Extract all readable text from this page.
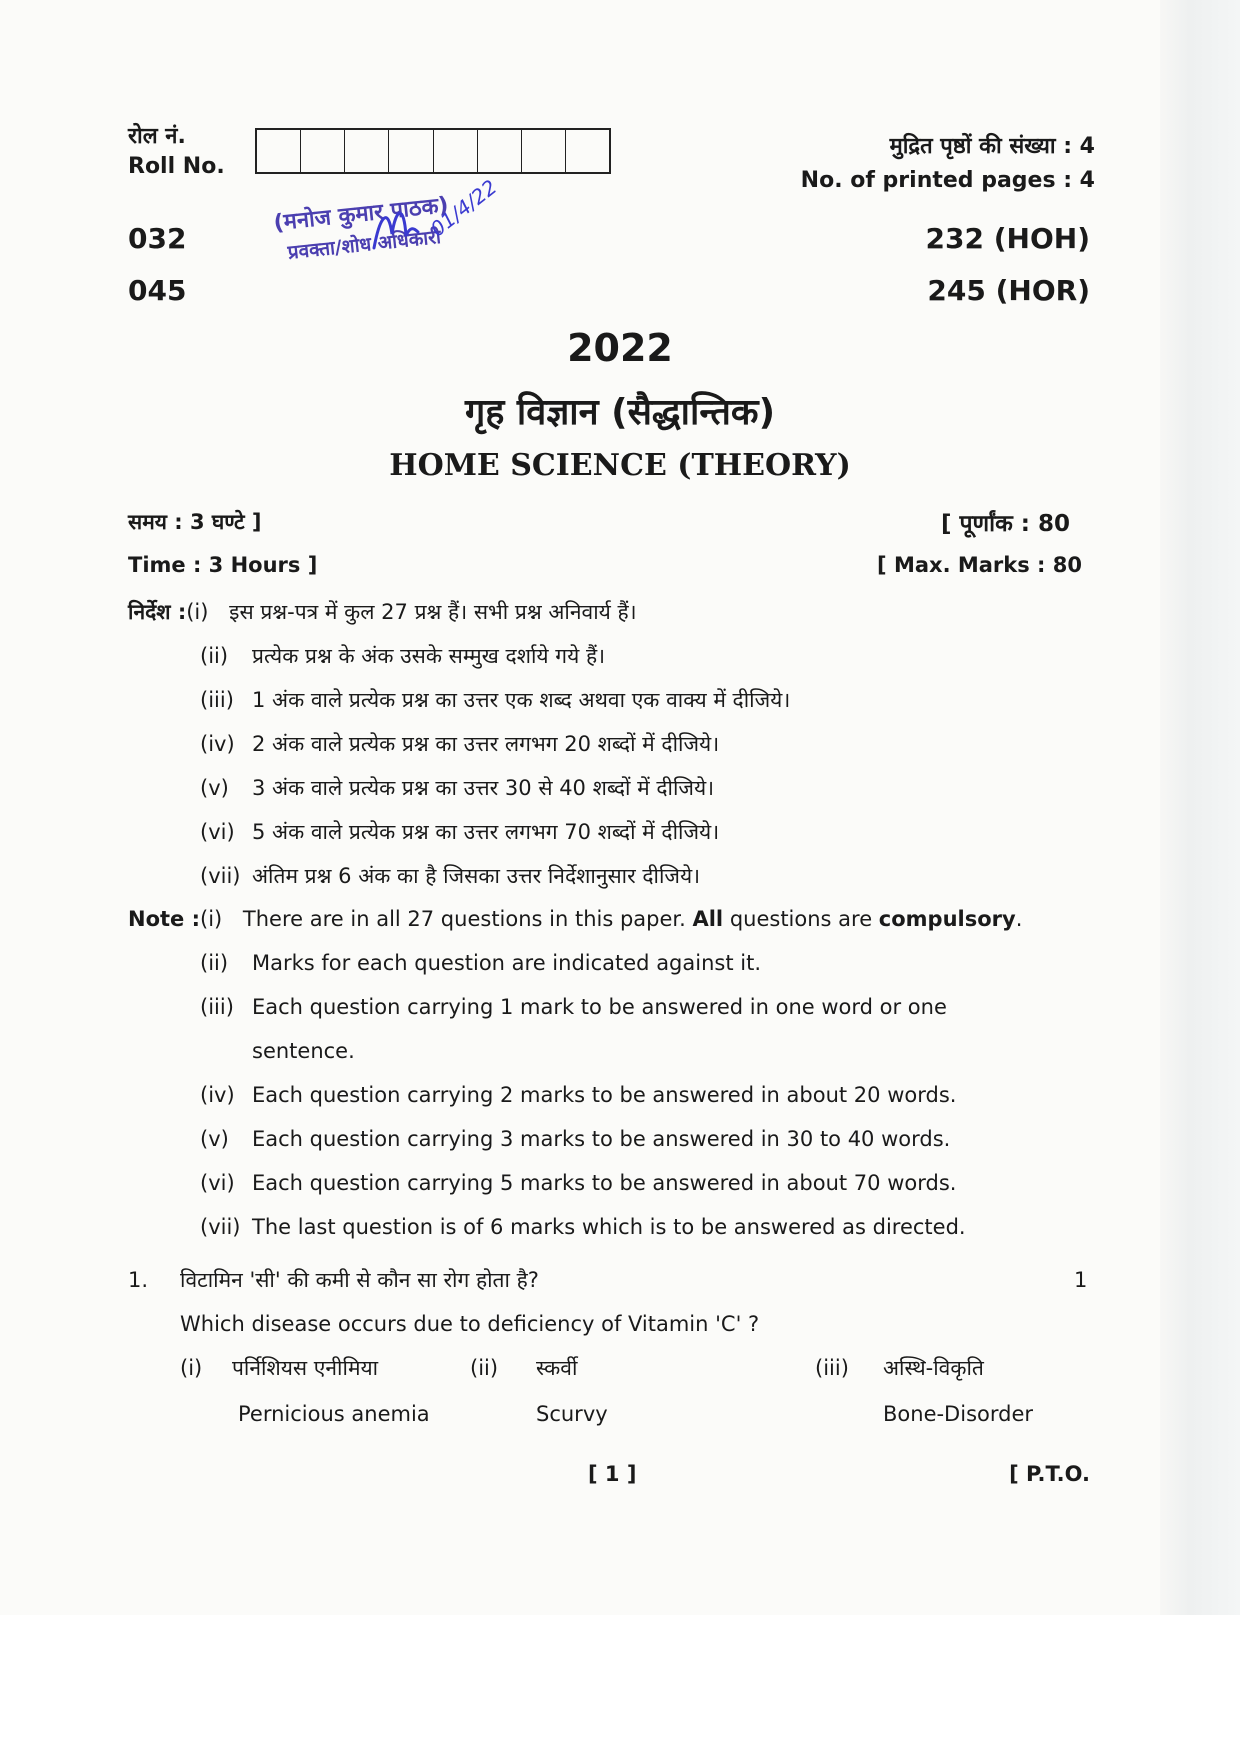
रोल नं.
Roll No.
मुद्रित पृष्ठों की संख्या : 4
No. of printed pages : 4
032
045
232 (HOH)
245 (HOR)
(मनोज कुमार पाठक)
प्रवक्ता/शोध अधिकारी
01/4/22
2022
गृह विज्ञान (सैद्धान्तिक)
HOME SCIENCE (THEORY)
समय : 3 घण्टे ]	[ पूर्णांक : 80
Time : 3 Hours ]	[ Max. Marks : 80
निर्देश :(i) इस प्रश्न-पत्र में कुल 27 प्रश्न हैं। सभी प्रश्न अनिवार्य हैं।
(ii) प्रत्येक प्रश्न के अंक उसके सम्मुख दर्शाये गये हैं।
(iii) 1 अंक वाले प्रत्येक प्रश्न का उत्तर एक शब्द अथवा एक वाक्य में दीजिये।
(iv) 2 अंक वाले प्रत्येक प्रश्न का उत्तर लगभग 20 शब्दों में दीजिये।
(v) 3 अंक वाले प्रत्येक प्रश्न का उत्तर 30 से 40 शब्दों में दीजिये।
(vi) 5 अंक वाले प्रत्येक प्रश्न का उत्तर लगभग 70 शब्दों में दीजिये।
(vii) अंतिम प्रश्न 6 अंक का है जिसका उत्तर निर्देशानुसार दीजिये।
Note :(i) There are in all 27 questions in this paper. All questions are compulsory.
(ii) Marks for each question are indicated against it.
(iii) Each question carrying 1 mark to be answered in one word or one
sentence.
(iv) Each question carrying 2 marks to be answered in about 20 words.
(v) Each question carrying 3 marks to be answered in 30 to 40 words.
(vi) Each question carrying 5 marks to be answered in about 70 words.
(vii) The last question is of 6 marks which is to be answered as directed.
1. विटामिन 'सी' की कमी से कौन सा रोग होता है?
Which disease occurs due to deficiency of Vitamin 'C' ?
1
(i) पर्निशियस एनीमिया
Pernicious anemia
(ii) स्कर्वी
Scurvy
(iii) अस्थि-विकृति
Bone-Disorder
[ 1 ]	[ P.T.O.
